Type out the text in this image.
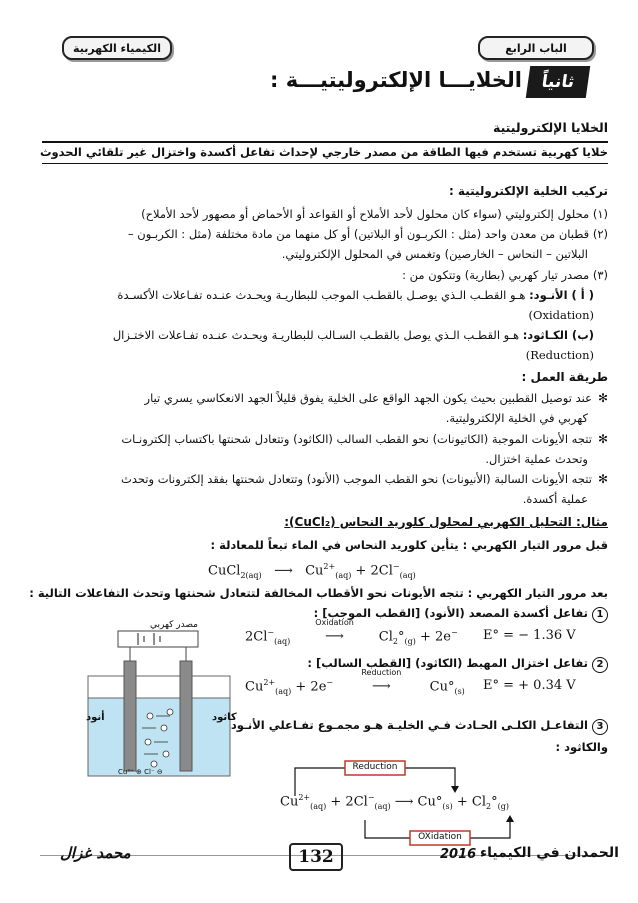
الباب الرابع
الكيمياء الكهربية
ثانياً
الخلايـــا الإلكتروليتيـــة :
الخلايا الإلكتروليتية
خلايا كهربية تستخدم فيها الطاقة من مصدر خارجي لإحداث تفاعل أكسدة واختزال غير تلقائي الحدوث
تركيب الخلية الإلكتروليتية :
(١) محلول إلكتروليتي (سواء كان محلول لأحد الأملاح أو القواعد أو الأحماض أو مصهور لأحد الأملاح)
(٢) قطبان من معدن واحد (مثل : الكربـون أو البلاتين) أو كل منهما من مادة مختلفة (مثل : الكربـون –
البلاتين – النحاس – الخارصين) وتغمس في المحلول الإلكتروليتي.
(٣) مصدر تيار كهربي (بطارية) وتتكون من :
( أ ) الأنـود: هـو القطـب الـذي يوصـل بالقطـب الموجب للبطاريـة ويحـدث عنـده تفـاعلات الأكسـدة
(Oxidation)
(ب) الكـاثود: هـو القطـب الـذي يوصل بالقطـب السـالب للبطاريـة ويحـدث عنـده تفـاعلات الاختـزال
(Reduction)
طريقة العمل :
✻عند توصيل القطبين بحيث يكون الجهد الواقع على الخلية يفوق قليلاً الجهد الانعكاسي يسري تيار
كهربي في الخلية الإلكتروليتية.
✻تتجه الأيونات الموجبة (الكاتيونات) نحو القطب السالب (الكاثود) وتتعادل شحنتها باكتساب إلكترونـات
وتحدث عملية اختزال.
✻تتجه الأيونات السالبة (الأنيونات) نحو القطب الموجب (الأنود) وتتعادل شحنتها بفقد إلكترونات وتحدث
عملية أكسدة.
مثال: التحليل الكهربي لمحلول كلوريد النحاس (CuCl₂):
قبل مرور التيار الكهربي : يتأين كلوريد النحاس في الماء تبعاً للمعادلة :
CuCl$_{2(aq)}$   ⟶   $Cu^{2+}_{(aq)} + 2Cl^-_{(aq)}$
بعد مرور التيار الكهربي : تتجه الأيونات نحو الأقطاب المخالفة لتتعادل شحنتها وتحدث التفاعلات التالية :
1تفاعل أكسدة المصعد (الأنود) [القطب الموجب] :
$2Cl^-_{(aq)}$
Oxidation
⟶  $Cl_2^\circ_{(g)} + 2e^-$ E° = − 1.36 V
2تفاعل اختزال المهبط (الكاثود) [القطب السالب] :
$Cu^{2+}_{(aq)} + 2e^-$
Reduction
⟶  $Cu^\circ_{(s)}$ E° = + 0.34 V
3التفاعـل الكلـى الحـادث فـي الخليـة هـو مجمـوع تفـاعلي الأنـود
والكاثود :
Reduction
OXidation
$Cu^{2+}_{(aq)} + 2Cl^-_{(aq)}$ ⟶ $Cu^\circ_{(s)} + Cl_2^\circ_{(g)}$
مصدر كهربي
أنود	كاثود
Cu²⁺ ⊕ Cl⁻ ⊖
132	2016 الحمدان في الكيمياء
محمد غزال
